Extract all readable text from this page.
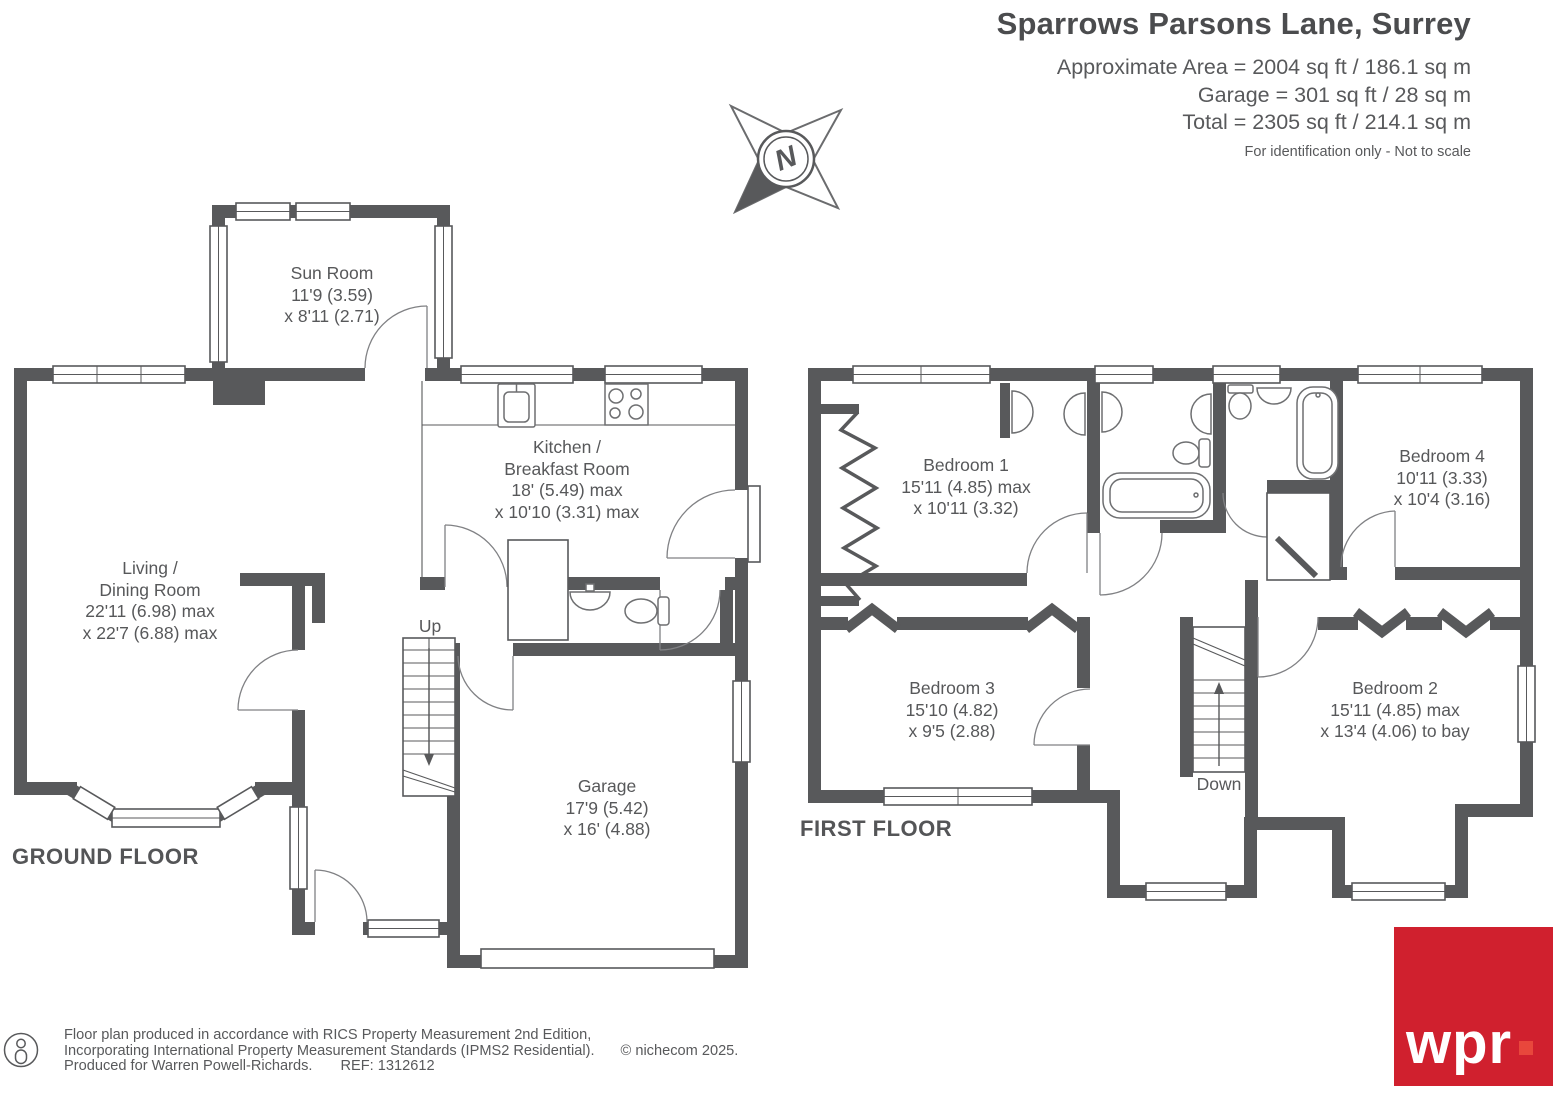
Sparrows Parsons Lane, Surrey
Approximate Area = 2004 sq ft / 186.1 sq m
Garage = 301 sq ft / 28 sq m
Total = 2305 sq ft / 214.1 sq m
For identification only - Not to scale
N
Sun Room
11'9 (3.59)
x 8'11 (2.71)
Living /
Dining Room
22'11 (6.98) max
x 22'7 (6.88) max
Kitchen /
Breakfast Room
18' (5.49) max
x 10'10 (3.31) max
Garage
17'9 (5.42)
x 16' (4.88)
Up
GROUND FLOOR
Bedroom 1
15'11 (4.85) max
x 10'11 (3.32)
Bedroom 4
10'11 (3.33)
x 10'4 (3.16)
Bedroom 3
15'10 (4.82)
x 9'5 (2.88)
Bedroom 2
15'11 (4.85) max
x 13'4 (4.06) to bay
Down
FIRST FLOOR
Floor plan produced in accordance with RICS Property Measurement 2nd Edition,
Incorporating International Property Measurement Standards (IPMS2 Residential). © nichecom 2025.
Produced for Warren Powell-Richards. REF: 1312612	wpr
